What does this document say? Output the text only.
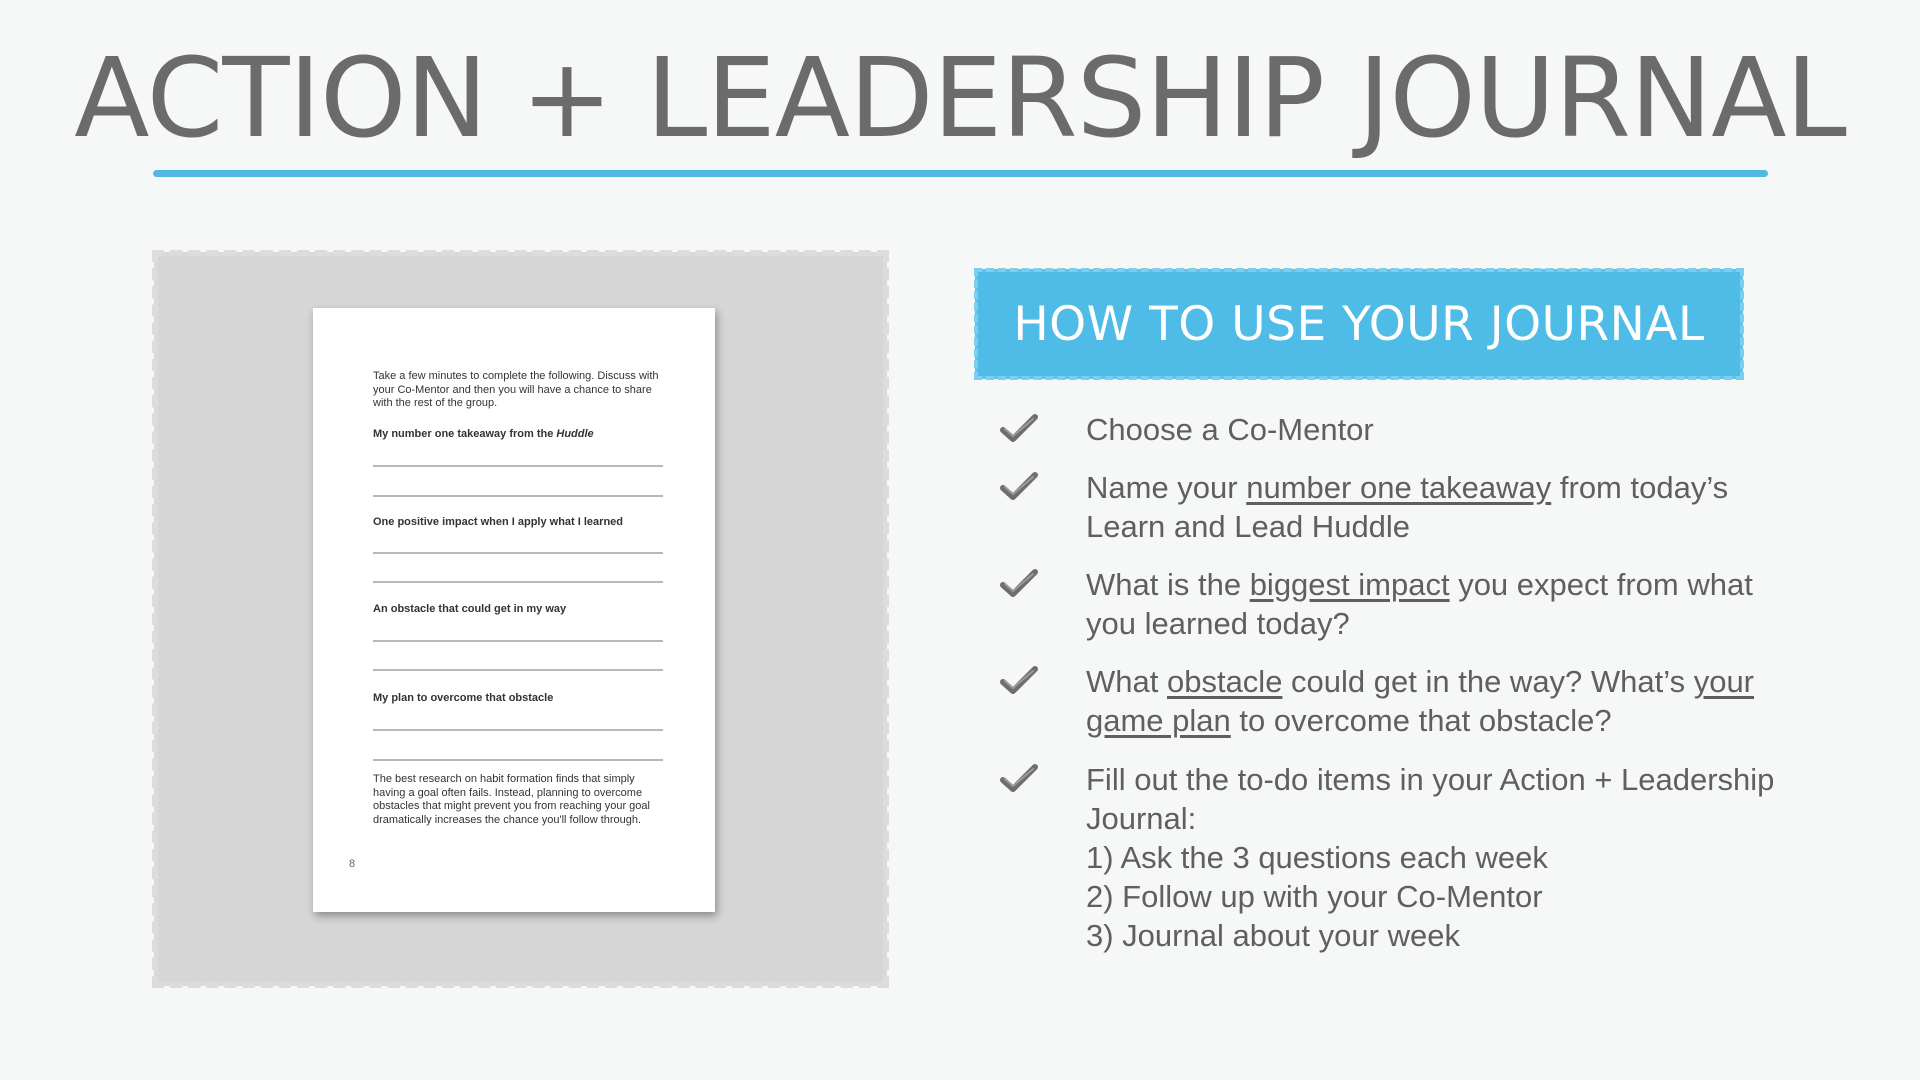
ACTION + LEADERSHIP JOURNAL

Take a few minutes to complete the following. Discuss with your Co-Mentor and then you will have a chance to share with the rest of the group.

My number one takeaway from the Huddle

One positive impact when I apply what I learned

An obstacle that could get in my way

My plan to overcome that obstacle

The best research on habit formation finds that simply having a goal often fails. Instead, planning to overcome obstacles that might prevent you from reaching your goal dramatically increases the chance you'll follow through.

8
HOW TO USE YOUR JOURNAL

Choose a Co-Mentor

Name your number one takeaway from today’s Learn and Lead Huddle

What is the biggest impact you expect from what you learned today?

What obstacle could get in the way? What’s your game plan to overcome that obstacle?

Fill out the to-do items in your Action + Leadership Journal:
1) Ask the 3 questions each week
2) Follow up with your Co-Mentor
3) Journal about your week
